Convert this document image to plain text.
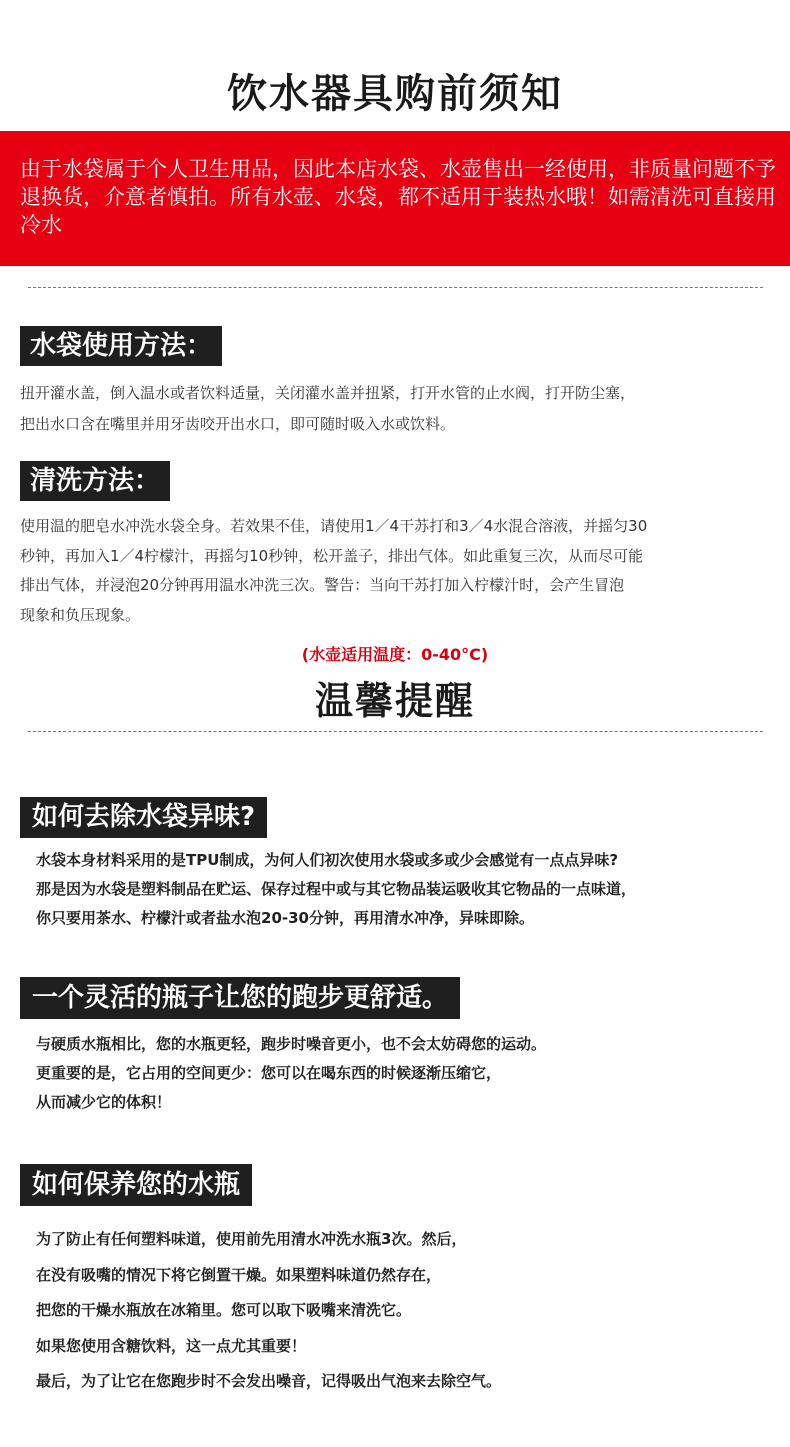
饮水器具购前须知
由于水袋属于个人卫生用品，因此本店水袋、水壶售出一经使用，非质量问题不予退换货，介意者慎拍。所有水壶、水袋，都不适用于装热水哦！如需清洗可直接用冷水
水袋使用方法：
扭开灌水盖，倒入温水或者饮料适量，关闭灌水盖并扭紧，打开水管的止水阀，打开防尘塞，
把出水口含在嘴里并用牙齿咬开出水口，即可随时吸入水或饮料。
清洗方法：
使用温的肥皂水冲洗水袋全身。若效果不佳，请使用1／4干苏打和3／4水混合溶液，并摇匀30
秒钟，再加入1／4柠檬汁，再摇匀10秒钟，松开盖子，排出气体。如此重复三次，从而尽可能
排出气体，并浸泡20分钟再用温水冲洗三次。警告：当向干苏打加入柠檬汁时，会产生冒泡
现象和负压现象。
(水壶适用温度：0-40°C)
温馨提醒
如何去除水袋异味?
水袋本身材料采用的是TPU制成，为何人们初次使用水袋或多或少会感觉有一点点异味?
那是因为水袋是塑料制品在贮运、保存过程中或与其它物品装运吸收其它物品的一点味道，
你只要用茶水、柠檬汁或者盐水泡20-30分钟，再用清水冲净，异味即除。
一个灵活的瓶子让您的跑步更舒适。
与硬质水瓶相比，您的水瓶更轻，跑步时噪音更小，也不会太妨碍您的运动。
更重要的是，它占用的空间更少：您可以在喝东西的时候逐渐压缩它，
从而减少它的体积！
如何保养您的水瓶
为了防止有任何塑料味道，使用前先用清水冲洗水瓶3次。然后，
在没有吸嘴的情况下将它倒置干燥。如果塑料味道仍然存在，
把您的干燥水瓶放在冰箱里。您可以取下吸嘴来清洗它。
如果您使用含糖饮料，这一点尤其重要！
最后，为了让它在您跑步时不会发出噪音，记得吸出气泡来去除空气。
